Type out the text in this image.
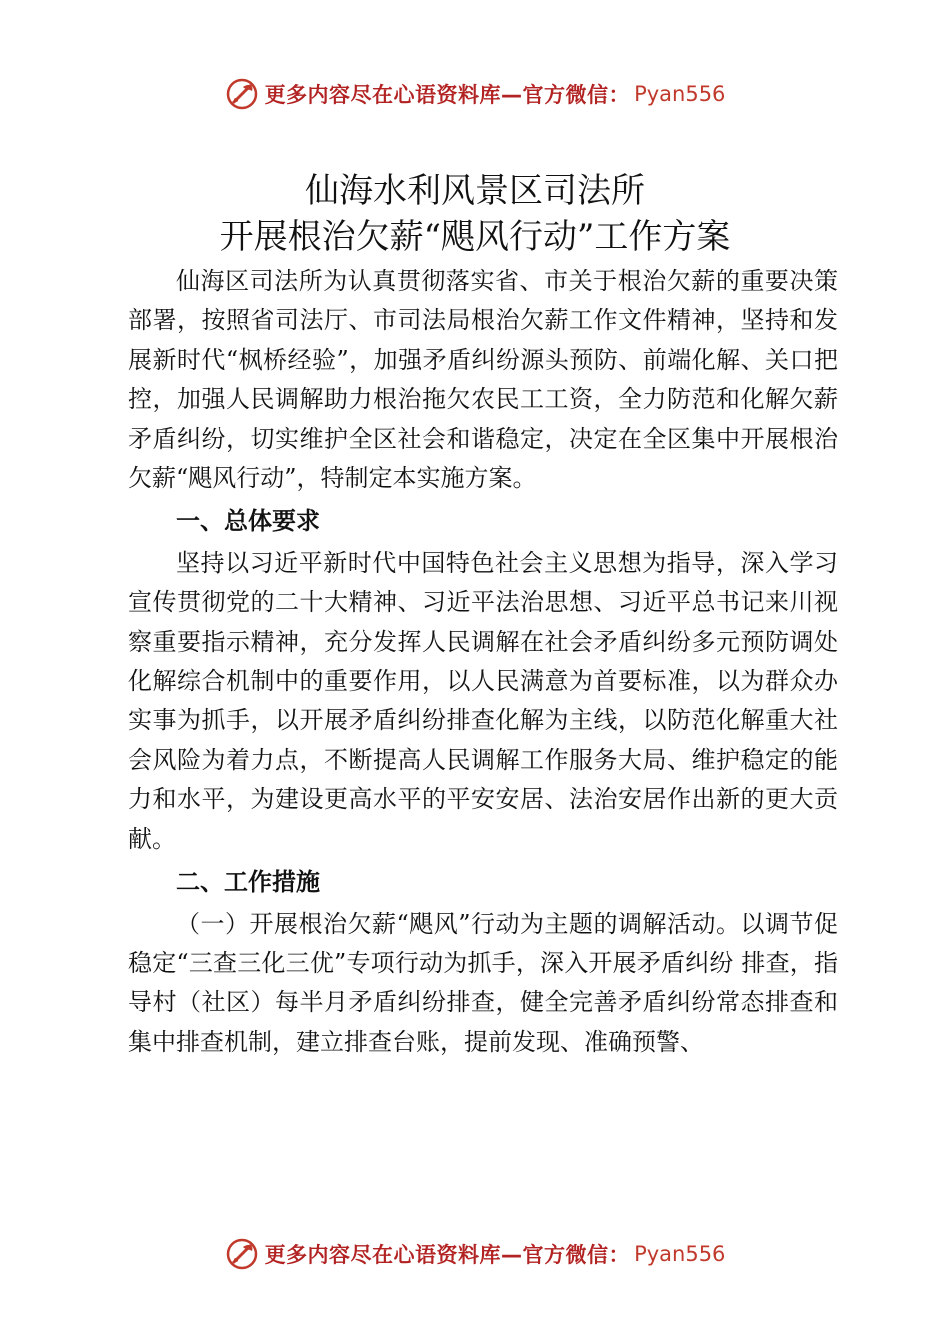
更多内容尽在心语资料库—官方微信： Pyan556
仙海水利风景区司法所
开展根治欠薪“飓风行动”工作方案

仙海区司法所为认真贯彻落实省、市关于根治欠薪的重要决策部署，按照省司法厅、市司法局根治欠薪工作文件精神，坚持和发展新时代“枫桥经验”，加强矛盾纠纷源头预防、前端化解、关口把控，加强人民调解助力根治拖欠农民工工资，全力防范和化解欠薪矛盾纠纷，切实维护全区社会和谐稳定，决定在全区集中开展根治欠薪“飓风行动”，特制定本实施方案。

一、总体要求

坚持以习近平新时代中国特色社会主义思想为指导，深入学习宣传贯彻党的二十大精神、习近平法治思想、习近平总书记来川视察重要指示精神，充分发挥人民调解在社会矛盾纠纷多元预防调处化解综合机制中的重要作用，以人民满意为首要标准，以为群众办实事为抓手，以开展矛盾纠纷排查化解为主线，以防范化解重大社会风险为着力点，不断提高人民调解工作服务大局、维护稳定的能力和水平，为建设更高水平的平安安居、法治安居作出新的更大贡献。

二、工作措施

（一）开展根治欠薪“飓风”行动为主题的调解活动。以调节促稳定“三查三化三优”专项行动为抓手，深入开展矛盾纠纷 排查，指导村（社区）每半月矛盾纠纷排查，健全完善矛盾纠纷常态排查和集中排查机制，建立排查台账，提前发现、准确预警、

更多内容尽在心语资料库—官方微信： Pyan556
